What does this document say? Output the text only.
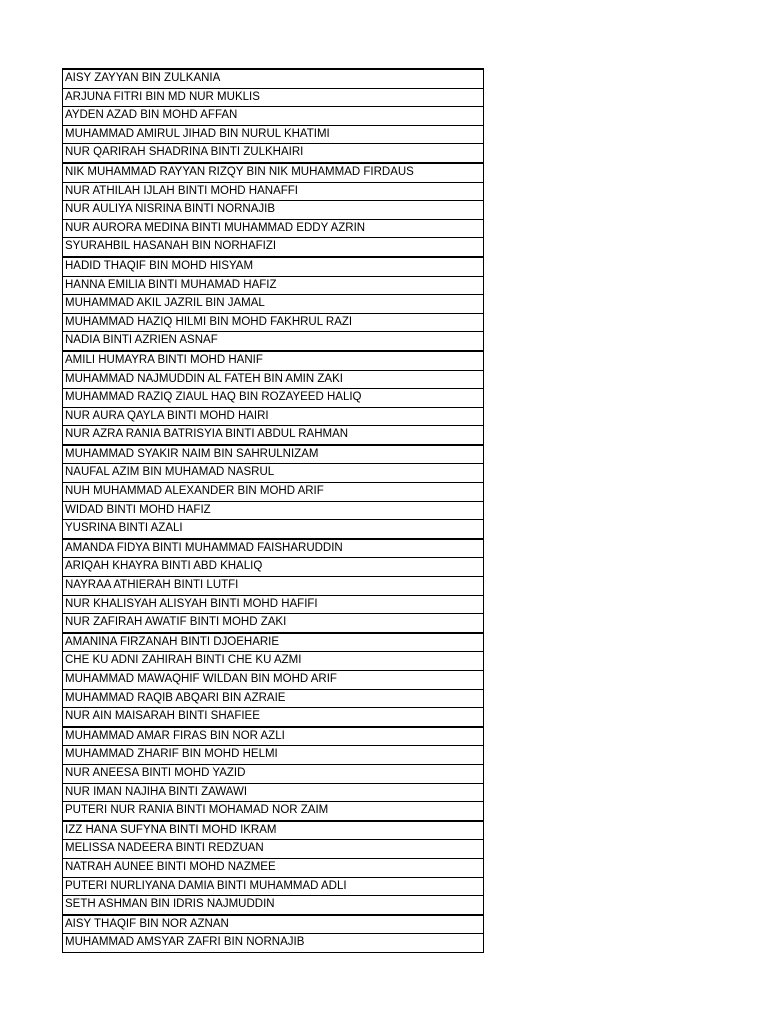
AISY ZAYYAN BIN ZULKANIA
ARJUNA FITRI BIN MD NUR MUKLIS
AYDEN AZAD BIN MOHD AFFAN
MUHAMMAD AMIRUL JIHAD BIN NURUL KHATIMI
NUR QARIRAH SHADRINA BINTI ZULKHAIRI
NIK MUHAMMAD RAYYAN RIZQY BIN NIK MUHAMMAD FIRDAUS
NUR ATHILAH IJLAH BINTI MOHD HANAFFI
NUR AULIYA NISRINA BINTI NORNAJIB
NUR AURORA MEDINA BINTI MUHAMMAD EDDY AZRIN
SYURAHBIL HASANAH BIN NORHAFIZI
HADID THAQIF BIN MOHD HISYAM
HANNA EMILIA BINTI MUHAMAD HAFIZ
MUHAMMAD AKIL JAZRIL BIN JAMAL
MUHAMMAD HAZIQ HILMI BIN MOHD FAKHRUL RAZI
NADIA BINTI AZRIEN ASNAF
AMILI HUMAYRA BINTI MOHD HANIF
MUHAMMAD NAJMUDDIN AL FATEH BIN AMIN ZAKI
MUHAMMAD RAZIQ ZIAUL HAQ BIN ROZAYEED HALIQ
NUR AURA QAYLA BINTI MOHD HAIRI
NUR AZRA RANIA BATRISYIA BINTI ABDUL RAHMAN
MUHAMMAD SYAKIR NAIM BIN SAHRULNIZAM
NAUFAL AZIM BIN MUHAMAD NASRUL
NUH MUHAMMAD ALEXANDER BIN MOHD ARIF
WIDAD BINTI MOHD HAFIZ
YUSRINA BINTI AZALI
AMANDA FIDYA BINTI MUHAMMAD FAISHARUDDIN
ARIQAH KHAYRA BINTI ABD KHALIQ
NAYRAA ATHIERAH BINTI LUTFI
NUR KHALISYAH ALISYAH BINTI MOHD HAFIFI
NUR ZAFIRAH AWATIF BINTI MOHD ZAKI
AMANINA FIRZANAH BINTI DJOEHARIE
CHE KU ADNI ZAHIRAH BINTI CHE KU AZMI
MUHAMMAD MAWAQHIF WILDAN BIN MOHD ARIF
MUHAMMAD RAQIB ABQARI BIN AZRAIE
NUR AIN MAISARAH BINTI SHAFIEE
MUHAMMAD AMAR FIRAS BIN NOR AZLI
MUHAMMAD ZHARIF BIN MOHD HELMI
NUR ANEESA BINTI MOHD YAZID
NUR IMAN NAJIHA BINTI ZAWAWI
PUTERI NUR RANIA BINTI MOHAMAD NOR ZAIM
IZZ HANA SUFYNA BINTI MOHD IKRAM
MELISSA NADEERA BINTI REDZUAN
NATRAH AUNEE BINTI MOHD NAZMEE
PUTERI NURLIYANA DAMIA BINTI MUHAMMAD ADLI
SETH ASHMAN BIN IDRIS NAJMUDDIN
AISY THAQIF BIN NOR AZNAN
MUHAMMAD AMSYAR ZAFRI BIN NORNAJIB
